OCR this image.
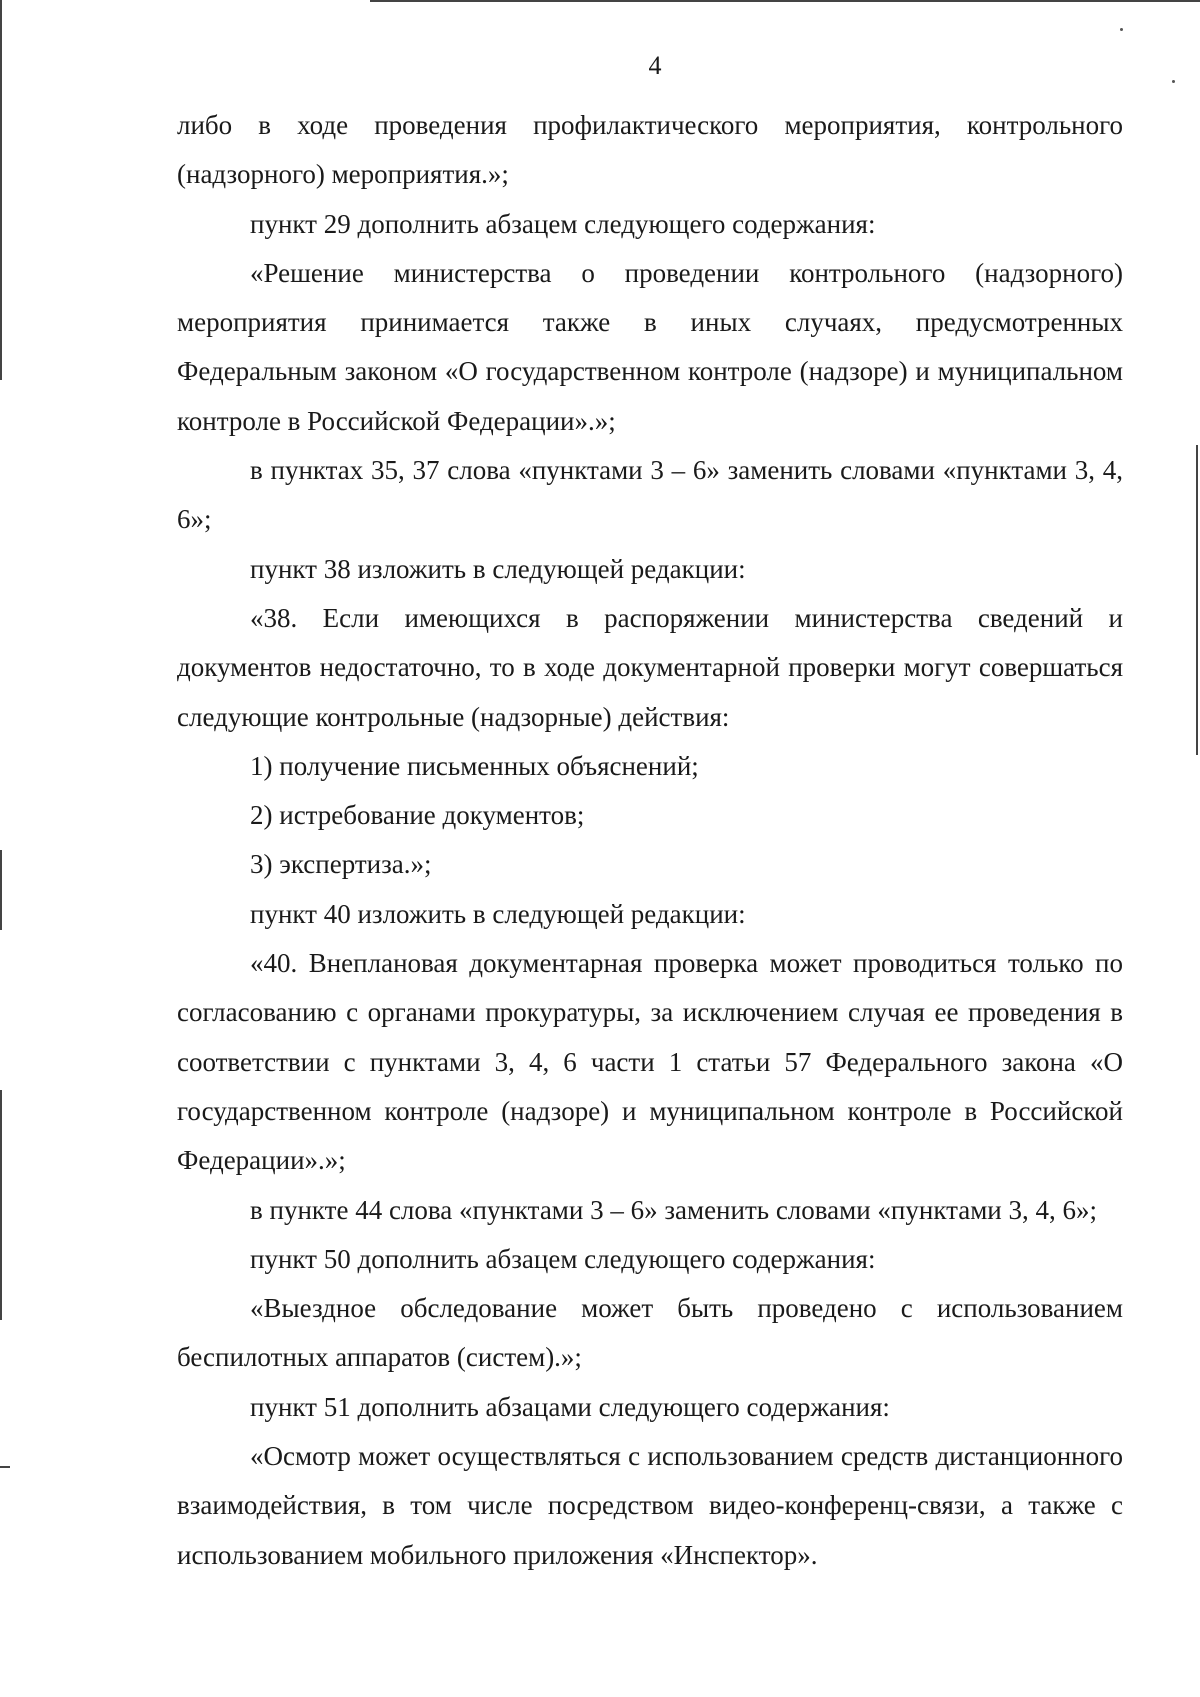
4

либо в ходе проведения профилактического мероприятия, контрольного (надзорного) мероприятия.»;

пункт 29 дополнить абзацем следующего содержания:

«Решение министерства о проведении контрольного (надзорного) мероприятия принимается также в иных случаях, предусмотренных Федеральным законом «О государственном контроле (надзоре) и муниципальном контроле в Российской Федерации».»;

в пунктах 35, 37 слова «пунктами 3 – 6» заменить словами «пунктами 3, 4, 6»;

пункт 38 изложить в следующей редакции:

«38. Если имеющихся в распоряжении министерства сведений и документов недостаточно, то в ходе документарной проверки могут совершаться следующие контрольные (надзорные) действия:

1) получение письменных объяснений;

2) истребование документов;

3) экспертиза.»;

пункт 40 изложить в следующей редакции:

«40. Внеплановая документарная проверка может проводиться только по согласованию с органами прокуратуры, за исключением случая ее проведения в соответствии с пунктами 3, 4, 6 части 1 статьи 57 Федерального закона «О государственном контроле (надзоре) и муниципальном контроле в Российской Федерации».»;

в пункте 44 слова «пунктами 3 – 6» заменить словами «пунктами 3, 4, 6»;

пункт 50 дополнить абзацем следующего содержания:

«Выездное обследование может быть проведено с использованием беспилотных аппаратов (систем).»;

пункт 51 дополнить абзацами следующего содержания:

«Осмотр может осуществляться с использованием средств дистанционного взаимодействия, в том числе посредством видео-конференц-связи, а также с использованием мобильного приложения «Инспектор».
